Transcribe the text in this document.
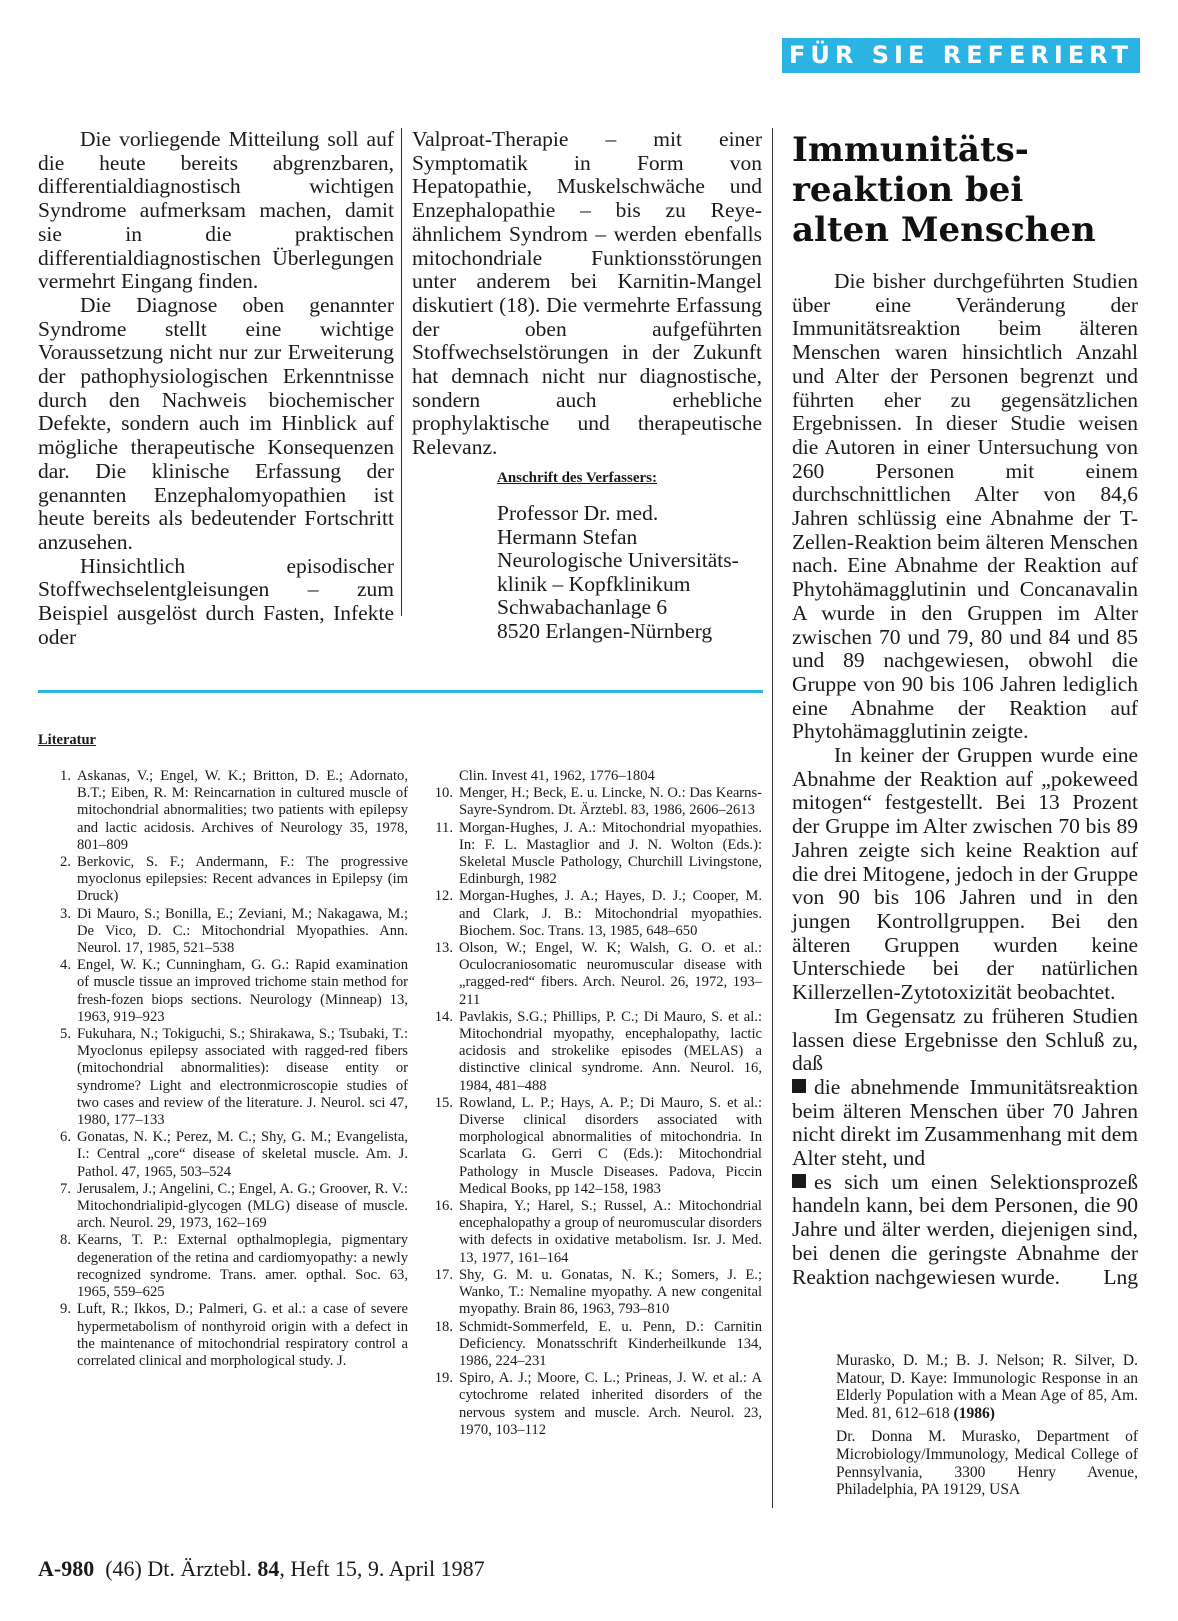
FÜR SIE REFERIERT

Die vorliegende Mitteilung soll auf die heute bereits abgrenzbaren, differentialdiagnostisch wichtigen Syndrome aufmerksam machen, damit sie in die praktischen differentialdiagnostischen Überlegungen vermehrt Eingang finden.

Die Diagnose oben genannter Syndrome stellt eine wichtige Voraussetzung nicht nur zur Erweiterung der pathophysiologischen Erkenntnisse durch den Nachweis biochemischer Defekte, sondern auch im Hinblick auf mögliche therapeutische Konsequenzen dar. Die klinische Erfassung der genannten Enzephalomyopathien ist heute bereits als bedeutender Fortschritt anzusehen.

Hinsichtlich episodischer Stoffwechselentgleisungen – zum Beispiel ausgelöst durch Fasten, Infekte oder

Valproat-Therapie – mit einer Symptomatik in Form von Hepatopathie, Muskelschwäche und Enzephalopathie – bis zu Reye-ähnlichem Syndrom – werden ebenfalls mitochondriale Funktionsstörungen unter anderem bei Karnitin-Mangel diskutiert (18). Die vermehrte Erfassung der oben aufgeführten Stoffwechselstörungen in der Zukunft hat demnach nicht nur diagnostische, sondern auch erhebliche prophylaktische und therapeutische Relevanz.

Anschrift des Verfassers:
Professor Dr. med.
Hermann Stefan
Neurologische Universitäts-
klinik – Kopfklinikum
Schwabachanlage 6
8520 Erlangen-Nürnberg
Literatur
1. Askanas, V.; Engel, W. K.; Britton, D. E.; Adornato, B.T.; Eiben, R. M: Reincarnation in cultured muscle of mitochondrial abnormalities; two patients with epilepsy and lactic acidosis. Archives of Neurology 35, 1978, 801–809
2. Berkovic, S. F.; Andermann, F.: The progressive myoclonus epilepsies: Recent advances in Epilepsy (im Druck)
3. Di Mauro, S.; Bonilla, E.; Zeviani, M.; Nakagawa, M.; De Vico, D. C.: Mitochondrial Myopathies. Ann. Neurol. 17, 1985, 521–538
4. Engel, W. K.; Cunningham, G. G.: Rapid examination of muscle tissue an improved trichome stain method for fresh-fozen biops sections. Neurology (Minneap) 13, 1963, 919–923
5. Fukuhara, N.; Tokiguchi, S.; Shirakawa, S.; Tsubaki, T.: Myoclonus epilepsy associated with ragged-red fibers (mitochondrial abnormalities): disease entity or syndrome? Light and electronmicroscopie studies of two cases and review of the literature. J. Neurol. sci 47, 1980, 177–133
6. Gonatas, N. K.; Perez, M. C.; Shy, G. M.; Evangelista, I.: Central „core“ disease of skeletal muscle. Am. J. Pathol. 47, 1965, 503–524
7. Jerusalem, J.; Angelini, C.; Engel, A. G.; Groover, R. V.: Mitochondrialipid-glycogen (MLG) disease of muscle. arch. Neurol. 29, 1973, 162–169
8. Kearns, T. P.: External opthalmoplegia, pigmentary degeneration of the retina and cardiomyopathy: a newly recognized syndrome. Trans. amer. opthal. Soc. 63, 1965, 559–625
9. Luft, R.; Ikkos, D.; Palmeri, G. et al.: a case of severe hypermetabolism of nonthyroid origin with a defect in the maintenance of mitochondrial respiratory control a correlated clinical and morphological study. J.
Clin. Invest 41, 1962, 1776–1804
10. Menger, H.; Beck, E. u. Lincke, N. O.: Das Kearns-Sayre-Syndrom. Dt. Ärztebl. 83, 1986, 2606–2613
11. Morgan-Hughes, J. A.: Mitochondrial myopathies. In: F. L. Mastaglior and J. N. Wolton (Eds.): Skeletal Muscle Pathology, Churchill Livingstone, Edinburgh, 1982
12. Morgan-Hughes, J. A.; Hayes, D. J.; Cooper, M. and Clark, J. B.: Mitochondrial myopathies. Biochem. Soc. Trans. 13, 1985, 648–650
13. Olson, W.; Engel, W. K; Walsh, G. O. et al.: Oculocraniosomatic neuromuscular disease with „ragged-red“ fibers. Arch. Neurol. 26, 1972, 193–211
14. Pavlakis, S.G.; Phillips, P. C.; Di Mauro, S. et al.: Mitochondrial myopathy, encephalopathy, lactic acidosis and strokelike episodes (MELAS) a distinctive clinical syndrome. Ann. Neurol. 16, 1984, 481–488
15. Rowland, L. P.; Hays, A. P.; Di Mauro, S. et al.: Diverse clinical disorders associated with morphological abnormalities of mitochondria. In Scarlata G. Gerri C (Eds.): Mitochondrial Pathology in Muscle Diseases. Padova, Piccin Medical Books, pp 142–158, 1983
16. Shapira, Y.; Harel, S.; Russel, A.: Mitochondrial encephalopathy a group of neuromuscular disorders with defects in oxidative metabolism. Isr. J. Med. 13, 1977, 161–164
17. Shy, G. M. u. Gonatas, N. K.; Somers, J. E.; Wanko, T.: Nemaline myopathy. A new congenital myopathy. Brain 86, 1963, 793–810
18. Schmidt-Sommerfeld, E. u. Penn, D.: Carnitin Deficiency. Monatsschrift Kinderheilkunde 134, 1986, 224–231
19. Spiro, A. J.; Moore, C. L.; Prineas, J. W. et al.: A cytochrome related inherited disorders of the nervous system and muscle. Arch. Neurol. 23, 1970, 103–112
Immunitäts-reaktion bei alten Menschen

Die bisher durchgeführten Studien über eine Veränderung der Immunitätsreaktion beim älteren Menschen waren hinsichtlich Anzahl und Alter der Personen begrenzt und führten eher zu gegensätzlichen Ergebnissen. In dieser Studie weisen die Autoren in einer Untersuchung von 260 Personen mit einem durchschnittlichen Alter von 84,6 Jahren schlüssig eine Abnahme der T-Zellen-Reaktion beim älteren Menschen nach. Eine Abnahme der Reaktion auf Phytohämagglutinin und Concanavalin A wurde in den Gruppen im Alter zwischen 70 und 79, 80 und 84 und 85 und 89 nachgewiesen, obwohl die Gruppe von 90 bis 106 Jahren lediglich eine Abnahme der Reaktion auf Phytohämagglutinin zeigte.

In keiner der Gruppen wurde eine Abnahme der Reaktion auf „pokeweed mitogen“ festgestellt. Bei 13 Prozent der Gruppe im Alter zwischen 70 bis 89 Jahren zeigte sich keine Reaktion auf die drei Mitogene, jedoch in der Gruppe von 90 bis 106 Jahren und in den jungen Kontrollgruppen. Bei den älteren Gruppen wurden keine Unterschiede bei der natürlichen Killerzellen-Zytotoxizität beobachtet.

Im Gegensatz zu früheren Studien lassen diese Ergebnisse den Schluß zu, daß

die abnehmende Immunitätsreaktion beim älteren Menschen über 70 Jahren nicht direkt im Zusammenhang mit dem Alter steht, und

es sich um einen Selektionsprozeß handeln kann, bei dem Personen, die 90 Jahre und älter werden, diejenigen sind, bei denen die geringste Abnahme der Reaktion nachgewiesen wurde. Lng

Murasko, D. M.; B. J. Nelson; R. Silver, D. Matour, D. Kaye: Immunologic Response in an Elderly Population with a Mean Age of 85, Am. Med. 81, 612–618 (1986)

Dr. Donna M. Murasko, Department of Microbiology/Immunology, Medical College of Pennsylvania, 3300 Henry Avenue, Philadelphia, PA 19129, USA

A-980 (46) Dt. Ärztebl. 84, Heft 15, 9. April 1987
